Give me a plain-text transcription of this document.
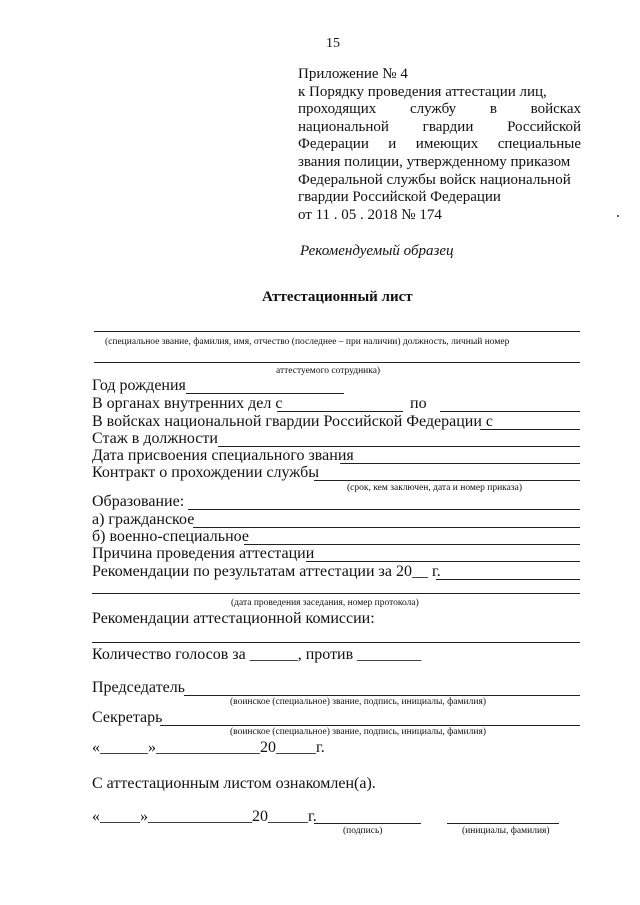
15
Приложение № 4
к Порядку проведения аттестации лиц,
проходящих службу в войсках
национальной гвардии Российской
Федерации и имеющих специальные
звания полиции, утвержденному приказом
Федеральной службы войск национальной
гвардии Российской Федерации
от 11 . 05 . 2018 № 174
Рекомендуемый образец
Аттестационный лист
(специальное звание, фамилия, имя, отчество (последнее – при наличии) должность, личный номер
аттестуемого сотрудника)
Год рождения
В органах внутренних дел с	по
В войсках национальной гвардии Российской Федерации с
Стаж в должности
Дата присвоения специального звания
Контракт о прохождении службы
(срок, кем заключен, дата и номер приказа)
Образование:
а) гражданское
б) военно-специальное
Причина проведения аттестации
Рекомендации по результатам аттестации за 20__ г.
(дата проведения заседания, номер протокола)
Рекомендации аттестационной комиссии:
Количество голосов за ______, против ________
Председатель
(воинское (специальное) звание, подпись, инициалы, фамилия)
Секретарь
(воинское (специальное) звание, подпись, инициалы, фамилия)
«______»_____________20_____г.
С аттестационным листом ознакомлен(а).
«_____»_____________20_____г.
(подпись)	(инициалы, фамилия)
